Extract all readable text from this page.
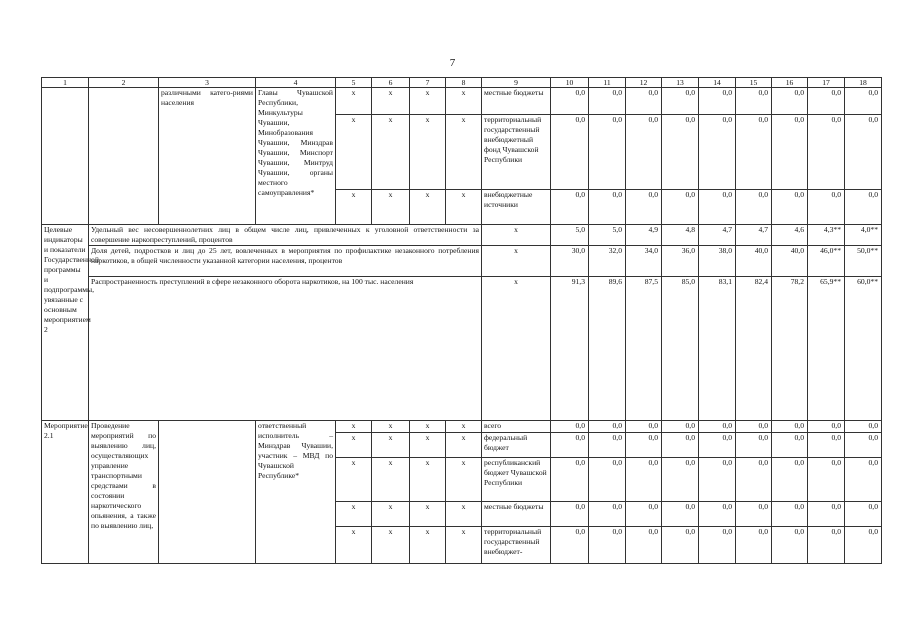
7
1	2	3	4	5	6	7	8	9	10	11	12	13	14	15	16	17	18
		различными катего-риями населения	Главы Чувашской Республики, Минкультуры Чувашии, Минобразования Чувашии, Минздрав Чувашии, Минспорт Чувашии, Минтруд Чувашии, органы местного самоуправления*	x	x	x	x	местные бюджеты	0,0	0,0	0,0	0,0	0,0	0,0	0,0	0,0	0,0
				x	x	x	x	территориальный государственный внебюджетный фонд Чувашской Республики	0,0	0,0	0,0	0,0	0,0	0,0	0,0	0,0	0,0
				x	x	x	x	внебюджетные источники	0,0	0,0	0,0	0,0	0,0	0,0	0,0	0,0	0,0
Целевые индикаторы и показатели Государственной программы и подпрограммы, увязанные с основным мероприятием 2	Удельный вес несовершеннолетних лиц в общем числе лиц, привлеченных к уголовной ответственности за совершение наркопреступлений, процентов							x	5,0	5,0	4,9	4,8	4,7	4,7	4,6	4,3**	4,0**
	Доля детей, подростков и лиц до 25 лет, вовлеченных в мероприятия по профилактике незаконного потребления наркотиков, в общей численности указанной категории населения, процентов							x	30,0	32,0	34,0	36,0	38,0	40,0	40,0	46,0**	50,0**
	Распространенность преступлений в сфере незаконного оборота наркотиков, на 100 тыс. населения							x	91,3	89,6	87,5	85,0	83,1	82,4	78,2	65,9**	60,0**
Мероприятие 2.1	Проведение мероприятий по выявлению лиц, осуществляющих управление транспортными средствами в состоянии наркотического опьянения, а также по выявлению лиц,		ответственный исполнитель – Минздрав Чувашии, участник – МВД по Чувашской Республике*	x	x	x	x	всего	0,0	0,0	0,0	0,0	0,0	0,0	0,0	0,0	0,0
				x	x	x	x	федеральный бюджет	0,0	0,0	0,0	0,0	0,0	0,0	0,0	0,0	0,0
				x	x	x	x	республиканский бюджет Чувашской Республики	0,0	0,0	0,0	0,0	0,0	0,0	0,0	0,0	0,0
				x	x	x	x	местные бюджеты	0,0	0,0	0,0	0,0	0,0	0,0	0,0	0,0	0,0
				x	x	x	x	территориальный государственный внебюджет-	0,0	0,0	0,0	0,0	0,0	0,0	0,0	0,0	0,0
